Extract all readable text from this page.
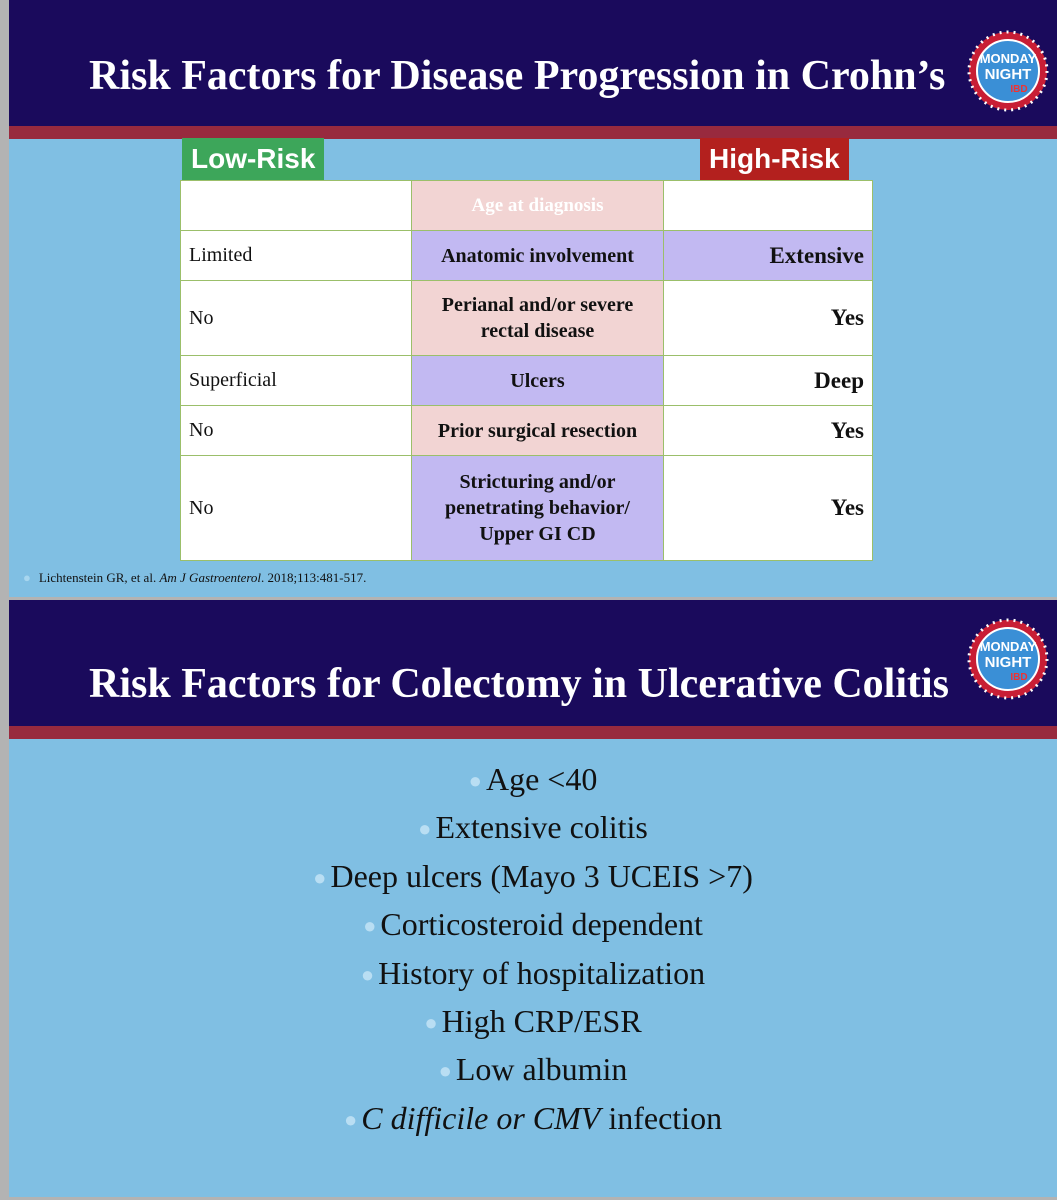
Risk Factors for Disease Progression in Crohn’s	MONDAY
NIGHT
IBD
Low-Risk	High-Risk
	Age at diagnosis	
Limited	Anatomic involvement	Extensive
No	Perianal and/or severe rectal disease	Yes
Superficial	Ulcers	Deep
No	Prior surgical resection	Yes
No	Stricturing and/or penetrating behavior/ Upper GI CD	Yes
● Lichtenstein GR, et al. Am J Gastroenterol. 2018;113:481-517.
Risk Factors for Colectomy in Ulcerative Colitis
MONDAY
NIGHT
IBD
● Age <40
● Extensive colitis
● Deep ulcers (Mayo 3 UCEIS >7)
● Corticosteroid dependent
● History of hospitalization
● High CRP/ESR
● Low albumin
● C difficile or CMV infection
